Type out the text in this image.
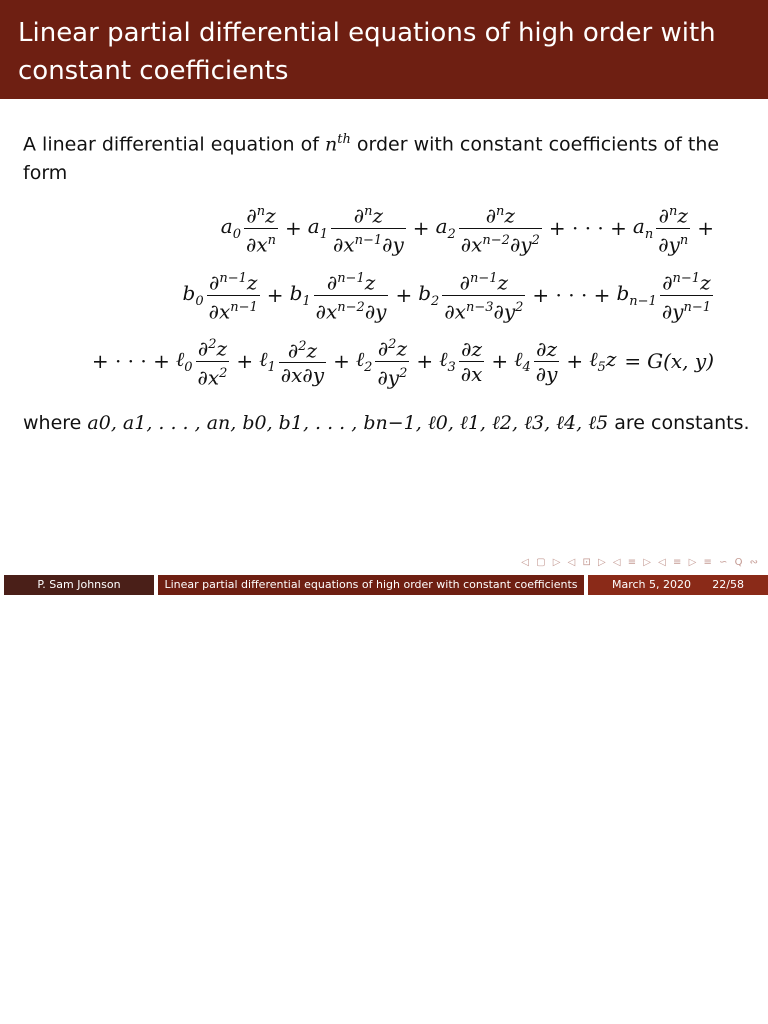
Linear partial differential equations of high order with constant coefficients
A linear differential equation of $n^{th}$ order with constant coefficients of the form
$a_0 \frac{\partial^nz}{\partial x^n} + a_1 \frac{\partial^nz}{\partial x^{n-1}\partial y} + a_2 \frac{\partial^nz}{\partial x^{n-2}\partial y^2}$ + · · · + $a_n \frac{\partial^nz}{\partial y^n}$ +
$b_0 \frac{\partial^{n-1}z}{\partial x^{n-1}} + b_1 \frac{\partial^{n-1}z}{\partial x^{n-2}\partial y} + b_2 \frac{\partial^{n-1}z}{\partial x^{n-3}\partial y^2}$ + · · · + $b_{n-1} \frac{\partial^{n-1}z}{\partial y^{n-1}}$
+ · · · + ℓ$_0$ $\frac{\partial^2z}{\partial x^2}$ + ℓ$_1$ $\frac{\partial^2z}{\partial x\partial y}$ + ℓ$_2$ $\frac{\partial^2z}{\partial y^2}$ + ℓ$_3$ $\frac{\partial z}{\partial x}$ + ℓ$_4$ $\frac{\partial z}{\partial y}$ + ℓ$_5$z = G(x, y)
where a0, a1, . . . , an, b0, b1, . . . , bn−1, ℓ0, ℓ1, ℓ2, ℓ3, ℓ4, ℓ5 are constants.
◁ ▢ ▷ ◁ ⊡ ▷ ◁ ≡ ▷ ◁ ≡ ▷ ≡ ∽ Q ∾
P. Sam Johnson	Linear partial differential equations of high order with constant coefficients	March 5, 2020 22/58
